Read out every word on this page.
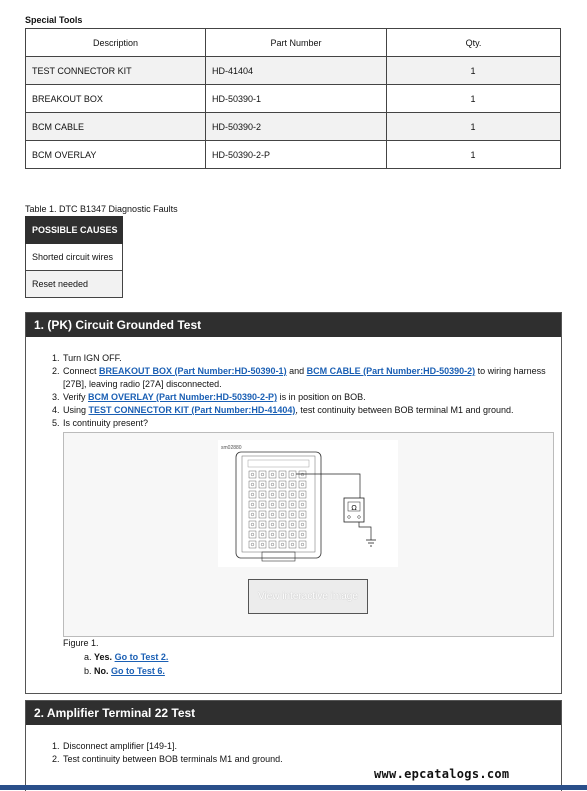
Special Tools
Description	Part Number	Qty.
TEST CONNECTOR KIT	HD-41404	1
BREAKOUT BOX	HD-50390-1	1
BCM CABLE	HD-50390-2	1
BCM OVERLAY	HD-50390-2-P	1
Table 1. DTC B1347 Diagnostic Faults
POSSIBLE CAUSES
Shorted circuit wires
Reset needed
1. (PK) Circuit Grounded Test
1. Turn IGN OFF.
2. Connect BREAKOUT BOX (Part Number:HD-50390-1) and BCM CABLE (Part Number:HD-50390-2) to wiring harness [27B], leaving radio [27A] disconnected.
3. Verify BCM OVERLAY (Part Number:HD-50390-2-P) is in position on BOB.
4. Using TEST CONNECTOR KIT (Part Number:HD-41404), test continuity between BOB terminal M1 and ground.
5. Is continuity present?
sm02880
Ω
View interactive image
Figure 1.
a. Yes. Go to Test 2.
b. No. Go to Test 6.
2. Amplifier Terminal 22 Test
1. Disconnect amplifier [149-1].
2. Test continuity between BOB terminals M1 and ground.
www.epcatalogs.com
